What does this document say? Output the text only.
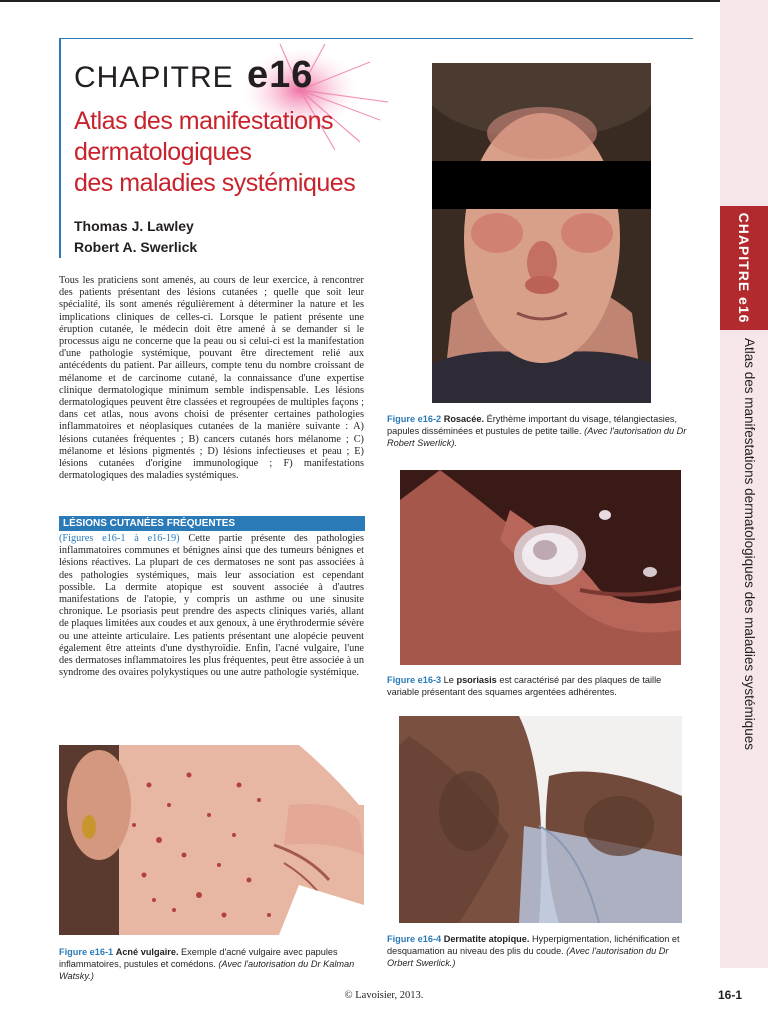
CHAPITRE e16
Atlas des manifestations dermatologiques des maladies systémiques
CHAPITRE e16
Atlas des manifestations
dermatologiques
des maladies systémiques
Thomas J. Lawley
Robert A. Swerlick
Tous les praticiens sont amenés, au cours de leur exercice, à rencontrer des patients présentant des lésions cutanées ; quelle que soit leur spécialité, ils sont amenés régulièrement à déterminer la nature et les implications cliniques de celles-ci. Lorsque le patient présente une éruption cutanée, le médecin doit être amené à se demander si le processus aigu ne concerne que la peau ou si celui-ci est la manifestation d'une pathologie systémique, pouvant être directement relié aux antécédents du patient. Par ailleurs, compte tenu du nombre croissant de mélanome et de carcinome cutané, la connaissance d'une expertise clinique dermatologique minimum semble indispensable. Les lésions dermatologiques peuvent être classées et regroupées de multiples façons ; dans cet atlas, nous avons choisi de présenter certaines pathologies inflammatoires et néoplasiques cutanées de la manière suivante : A) lésions cutanées fréquentes ; B) cancers cutanés hors mélanome ; C) mélanome et lésions pigmentés ; D) lésions infectieuses et peau ; E) lésions cutanées d'origine immunologique ; F) manifestations dermatologiques des maladies systémiques.
LÉSIONS CUTANÉES FRÉQUENTES
(Figures e16-1 à e16-19) Cette partie présente des pathologies inflammatoires communes et bénignes ainsi que des tumeurs bénignes et lésions réactives. La plupart de ces dermatoses ne sont pas associées à des pathologies systémiques, mais leur association est cependant possible. La dermite atopique est souvent associée à d'autres manifestations de l'atopie, y compris un asthme ou une sinusite chronique. Le psoriasis peut prendre des aspects cliniques variés, allant de plaques limitées aux coudes et aux genoux, à une érythrodermie sévère ou une atteinte articulaire. Les patients présentant une alopécie peuvent également être atteints d'une dysthyroïdie. Enfin, l'acné vulgaire, l'une des dermatoses inflammatoires les plus fréquentes, peut être associée à un syndrome des ovaires polykystiques ou une autre pathologie systémique.
Figure e16-2 Rosacée. Érythème important du visage, télangiectasies, papules disséminées et pustules de petite taille. (Avec l'autorisation du Dr Robert Swerlick).
Figure e16-3 Le psoriasis est caractérisé par des plaques de taille variable présentant des squames argentées adhérentes.
Figure e16-1 Acné vulgaire. Exemple d'acné vulgaire avec papules inflammatoires, pustules et comédons. (Avec l'autorisation du Dr Kalman Watsky.)
Figure e16-4 Dermatite atopique. Hyperpigmentation, lichénification et desquamation au niveau des plis du coude. (Avec l'autorisation du Dr Orbert Swerlick.)
© Lavoisier, 2013.	16-1
